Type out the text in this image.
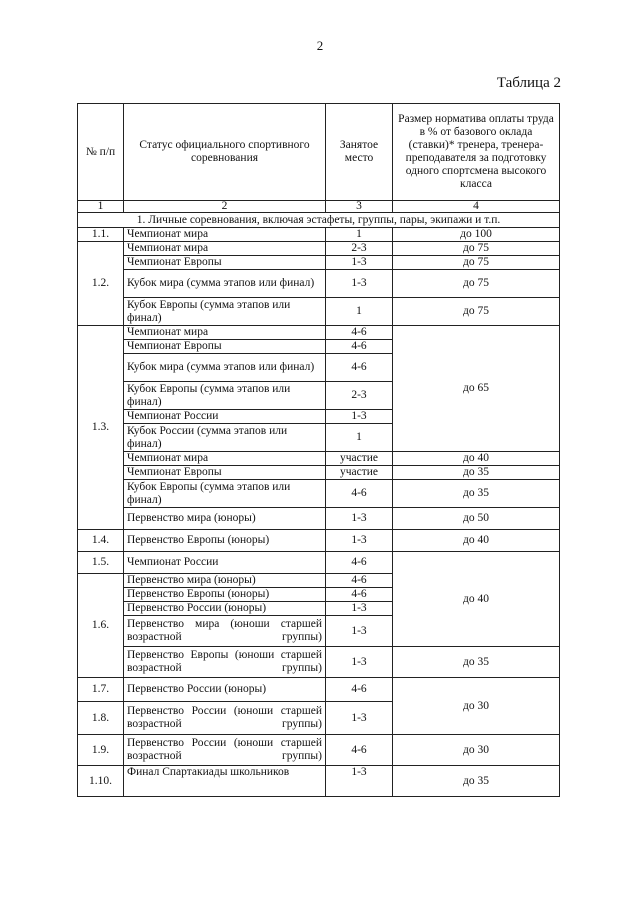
2
Таблица 2
№ п/п	Статус официального спортивного соревнования	Занятое место	Размер норматива оплаты труда в % от базового оклада (ставки)* тренера, тренера-преподавателя за подготовку одного спортсмена высокого класса
1	2	3	4
1. Личные соревнования, включая эстафеты, группы, пары, экипажи и т.п.			
1.1.	Чемпионат мира	1	до 100
1.2.	Чемпионат мира	2-3	до 75
	Чемпионат Европы	1-3	до 75
	Кубок мира (сумма этапов или финал)	1-3	до 75
	Кубок Европы (сумма этапов или финал)	1	до 75
1.3.	Чемпионат мира	4-6	до 65
	Чемпионат Европы	4-6	
	Кубок мира (сумма этапов или финал)	4-6	
	Кубок Европы (сумма этапов или финал)	2-3	
	Чемпионат России	1-3	
	Кубок России (сумма этапов или финал)	1	
	Чемпионат мира	участие	до 40
	Чемпионат Европы	участие	до 35
	Кубок Европы (сумма этапов или финал)	4-6	до 35
	Первенство мира (юноры)	1-3	до 50
1.4.	Первенство Европы (юноры)	1-3	до 40
1.5.	Чемпионат России	4-6	до 40
1.6.	Первенство мира (юноры)	4-6	
	Первенство Европы (юноры)	4-6	
	Первенство России (юноры)	1-3	

	Первенство мира (юноши старшей возрастной группы)	1-3	

	Первенство Европы (юноши старшей возрастной группы)	1-3	до 35
1.7.	Первенство России (юноры)	4-6	до 30
1.8.	Первенство России (юноши старшей возрастной группы)	1-3	
1.9.	Первенство России (юноши старшей возрастной группы)	4-6	до 30
1.10.	Финал Спартакиады школьников	1-3	до 35
